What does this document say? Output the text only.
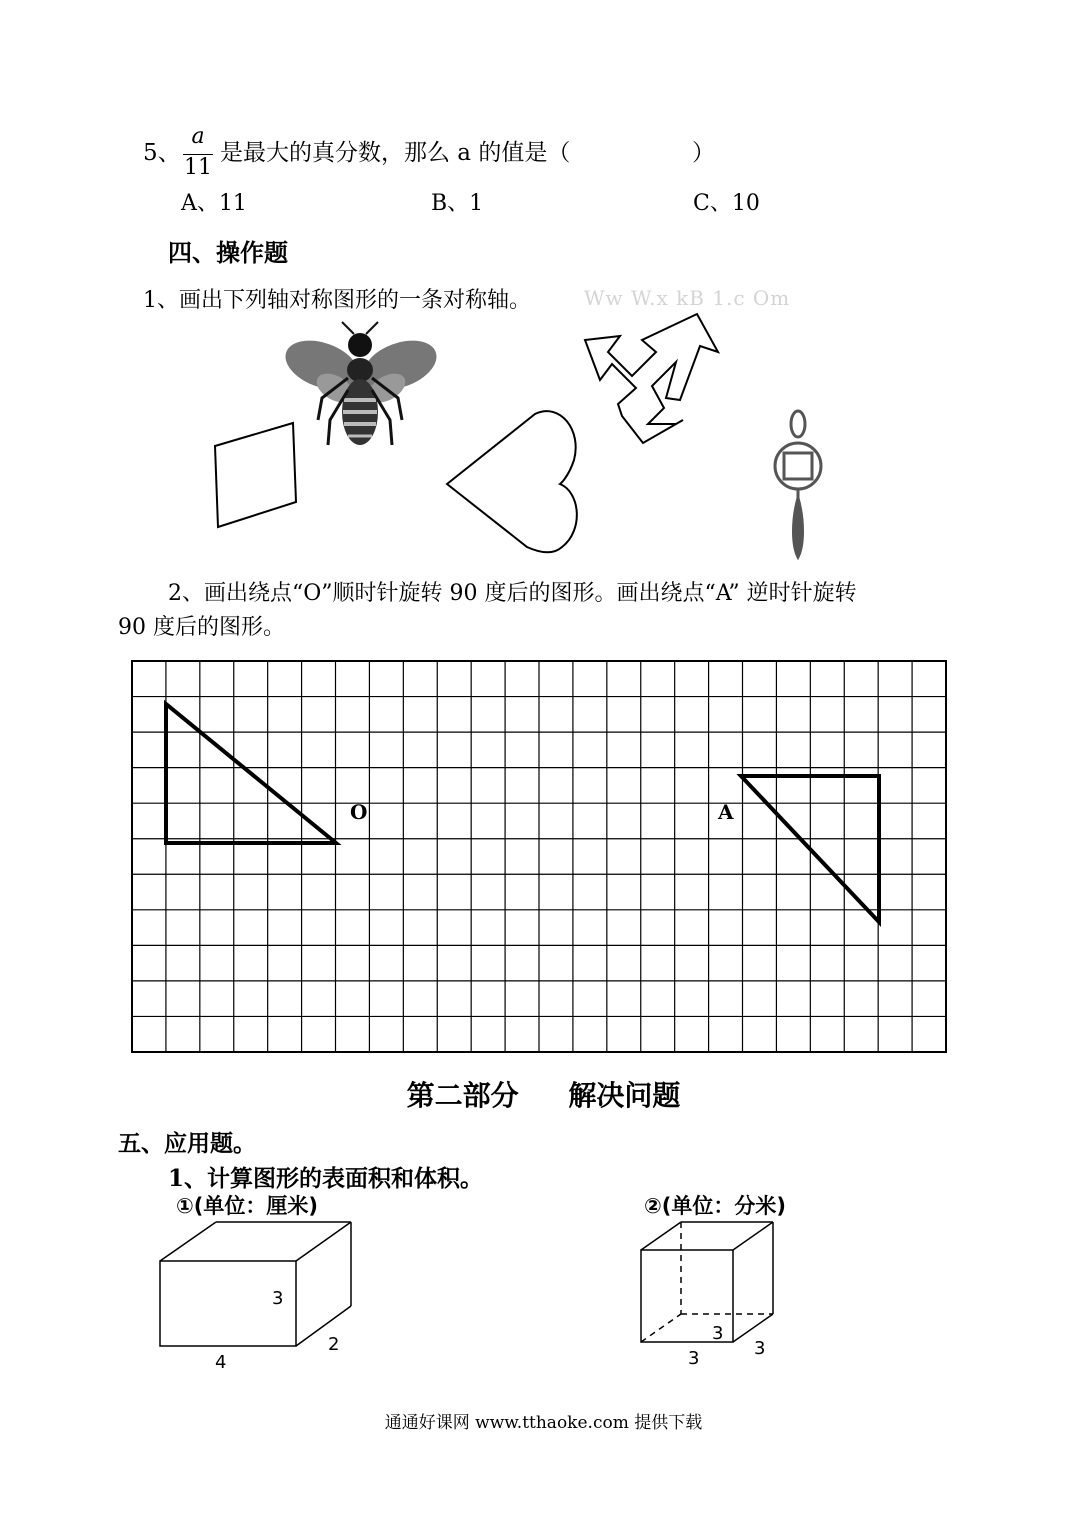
5、
a
11
是最大的真分数，那么 a 的值是（	）
A、11	B、1	C、10
四、操作题
1、画出下列轴对称图形的一条对称轴。	Ww W.x kB 1.c Om
2、画出绕点“O”顺时针旋转 90 度后的图形。画出绕点“A” 逆时针旋转
90 度后的图形。
O	A
第二部分 解决问题
五、应用题。
1、计算图形的表面积和体积。
①(单位：厘米)	②(单位：分米)
3
2
4
3
3	3
通通好课网 www.tthaoke.com 提供下载
